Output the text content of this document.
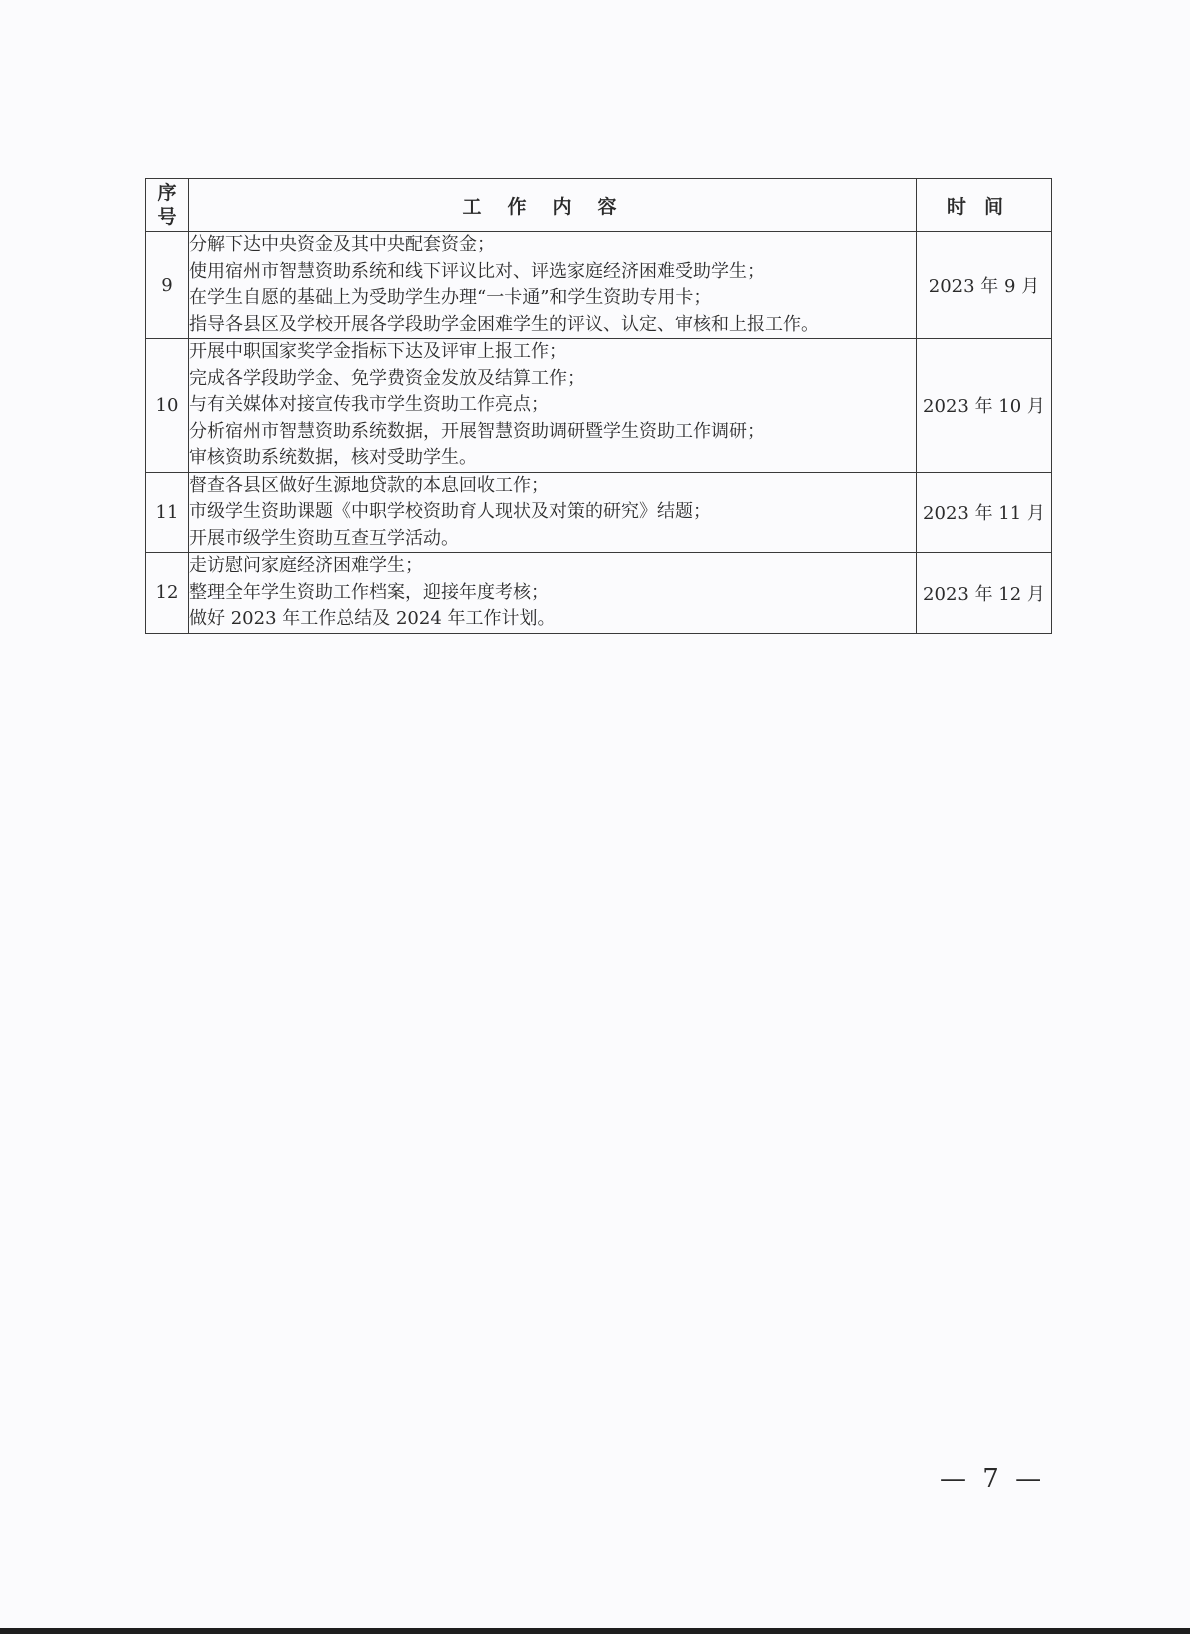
序
号	工作内容	时间
9	分解下达中央资金及其中央配套资金；
使用宿州市智慧资助系统和线下评议比对、评选家庭经济困难受助学生；
在学生自愿的基础上为受助学生办理“一卡通”和学生资助专用卡；
指导各县区及学校开展各学段助学金困难学生的评议、认定、审核和上报工作。	2023 年 9 月
10	开展中职国家奖学金指标下达及评审上报工作；
完成各学段助学金、免学费资金发放及结算工作；
与有关媒体对接宣传我市学生资助工作亮点；
分析宿州市智慧资助系统数据，开展智慧资助调研暨学生资助工作调研；
审核资助系统数据，核对受助学生。	2023 年 10 月
11	督查各县区做好生源地贷款的本息回收工作；
市级学生资助课题《中职学校资助育人现状及对策的研究》结题；
开展市级学生资助互查互学活动。	2023 年 11 月
12	走访慰问家庭经济困难学生；
整理全年学生资助工作档案，迎接年度考核；
做好 2023 年工作总结及 2024 年工作计划。	2023 年 12 月
— 7 —
